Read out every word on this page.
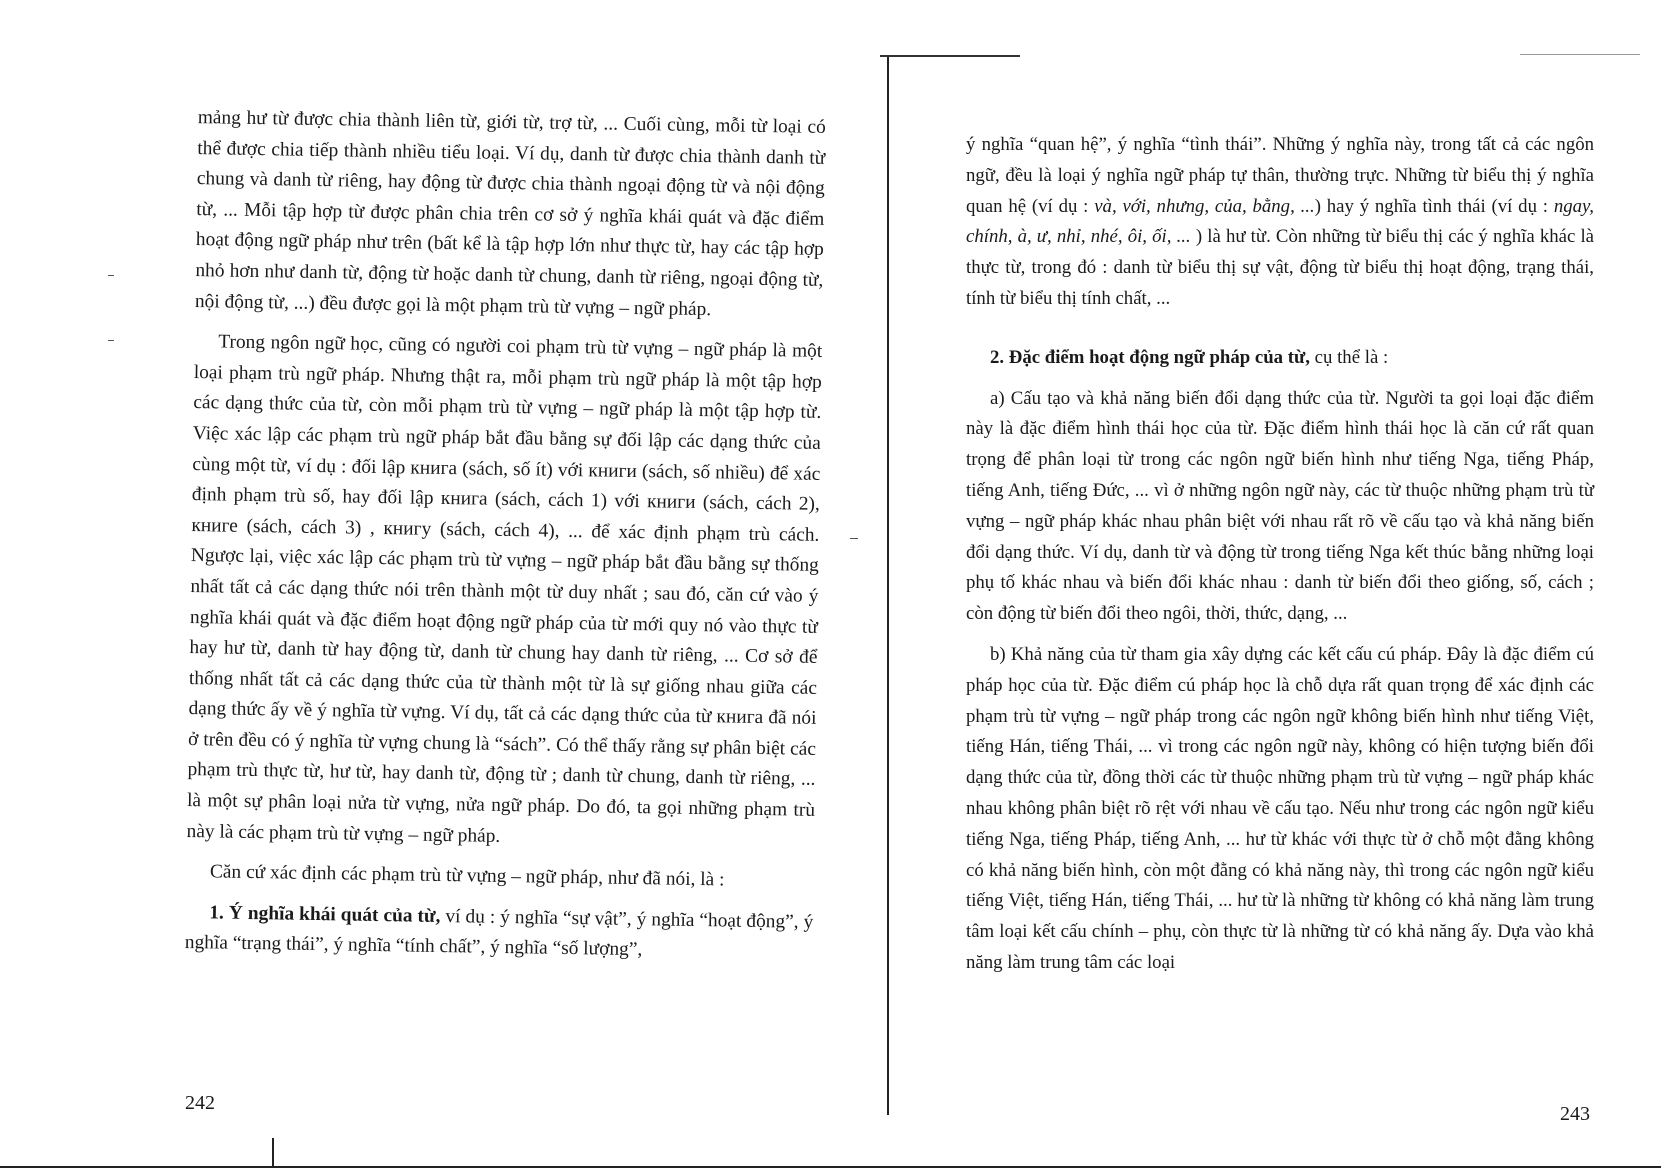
mảng hư từ được chia thành liên từ, giới từ, trợ từ, ... Cuối cùng, mỗi từ loại có thể được chia tiếp thành nhiều tiểu loại. Ví dụ, danh từ được chia thành danh từ chung và danh từ riêng, hay động từ được chia thành ngoại động từ và nội động từ, ... Mỗi tập hợp từ được phân chia trên cơ sở ý nghĩa khái quát và đặc điểm hoạt động ngữ pháp như trên (bất kể là tập hợp lớn như thực từ, hay các tập hợp nhỏ hơn như danh từ, động từ hoặc danh từ chung, danh từ riêng, ngoại động từ, nội động từ, ...) đều được gọi là một phạm trù từ vựng – ngữ pháp.

Trong ngôn ngữ học, cũng có người coi phạm trù từ vựng – ngữ pháp là một loại phạm trù ngữ pháp. Nhưng thật ra, mỗi phạm trù ngữ pháp là một tập hợp các dạng thức của từ, còn mỗi phạm trù từ vựng – ngữ pháp là một tập hợp từ. Việc xác lập các phạm trù ngữ pháp bắt đầu bằng sự đối lập các dạng thức của cùng một từ, ví dụ : đối lập книга (sách, số ít) với книги (sách, số nhiều) để xác định phạm trù số, hay đối lập книга (sách, cách 1) với книги (sách, cách 2), книге (sách, cách 3) , книгу (sách, cách 4), ... để xác định phạm trù cách. Ngược lại, việc xác lập các phạm trù từ vựng – ngữ pháp bắt đầu bằng sự thống nhất tất cả các dạng thức nói trên thành một từ duy nhất ; sau đó, căn cứ vào ý nghĩa khái quát và đặc điểm hoạt động ngữ pháp của từ mới quy nó vào thực từ hay hư từ, danh từ hay động từ, danh từ chung hay danh từ riêng, ... Cơ sở để thống nhất tất cả các dạng thức của từ thành một từ là sự giống nhau giữa các dạng thức ấy về ý nghĩa từ vựng. Ví dụ, tất cả các dạng thức của từ книга đã nói ở trên đều có ý nghĩa từ vựng chung là “sách”. Có thể thấy rằng sự phân biệt các phạm trù thực từ, hư từ, hay danh từ, động từ ; danh từ chung, danh từ riêng, ... là một sự phân loại nửa từ vựng, nửa ngữ pháp. Do đó, ta gọi những phạm trù này là các phạm trù từ vựng – ngữ pháp.

Căn cứ xác định các phạm trù từ vựng – ngữ pháp, như đã nói, là :

1. Ý nghĩa khái quát của từ, ví dụ : ý nghĩa “sự vật”, ý nghĩa “hoạt động”, ý nghĩa “trạng thái”, ý nghĩa “tính chất”, ý nghĩa “số lượng”,

242

ý nghĩa “quan hệ”, ý nghĩa “tình thái”. Những ý nghĩa này, trong tất cả các ngôn ngữ, đều là loại ý nghĩa ngữ pháp tự thân, thường trực. Những từ biểu thị ý nghĩa quan hệ (ví dụ : và, với, nhưng, của, bằng, ...) hay ý nghĩa tình thái (ví dụ : ngay, chính, à, ư, nhỉ, nhé, ôi, ối, ... ) là hư từ. Còn những từ biểu thị các ý nghĩa khác là thực từ, trong đó : danh từ biểu thị sự vật, động từ biểu thị hoạt động, trạng thái, tính từ biểu thị tính chất, ...

2. Đặc điểm hoạt động ngữ pháp của từ, cụ thể là :

a) Cấu tạo và khả năng biến đổi dạng thức của từ. Người ta gọi loại đặc điểm này là đặc điểm hình thái học của từ. Đặc điểm hình thái học là căn cứ rất quan trọng để phân loại từ trong các ngôn ngữ biến hình như tiếng Nga, tiếng Pháp, tiếng Anh, tiếng Đức, ... vì ở những ngôn ngữ này, các từ thuộc những phạm trù từ vựng – ngữ pháp khác nhau phân biệt với nhau rất rõ về cấu tạo và khả năng biến đổi dạng thức. Ví dụ, danh từ và động từ trong tiếng Nga kết thúc bằng những loại phụ tố khác nhau và biến đổi khác nhau : danh từ biến đổi theo giống, số, cách ; còn động từ biến đổi theo ngôi, thời, thức, dạng, ...

b) Khả năng của từ tham gia xây dựng các kết cấu cú pháp. Đây là đặc điểm cú pháp học của từ. Đặc điểm cú pháp học là chỗ dựa rất quan trọng để xác định các phạm trù từ vựng – ngữ pháp trong các ngôn ngữ không biến hình như tiếng Việt, tiếng Hán, tiếng Thái, ... vì trong các ngôn ngữ này, không có hiện tượng biến đổi dạng thức của từ, đồng thời các từ thuộc những phạm trù từ vựng – ngữ pháp khác nhau không phân biệt rõ rệt với nhau về cấu tạo. Nếu như trong các ngôn ngữ kiểu tiếng Nga, tiếng Pháp, tiếng Anh, ... hư từ khác với thực từ ở chỗ một đằng không có khả năng biến hình, còn một đằng có khả năng này, thì trong các ngôn ngữ kiểu tiếng Việt, tiếng Hán, tiếng Thái, ... hư từ là những từ không có khả năng làm trung tâm loại kết cấu chính – phụ, còn thực từ là những từ có khả năng ấy. Dựa vào khả năng làm trung tâm các loại

243
